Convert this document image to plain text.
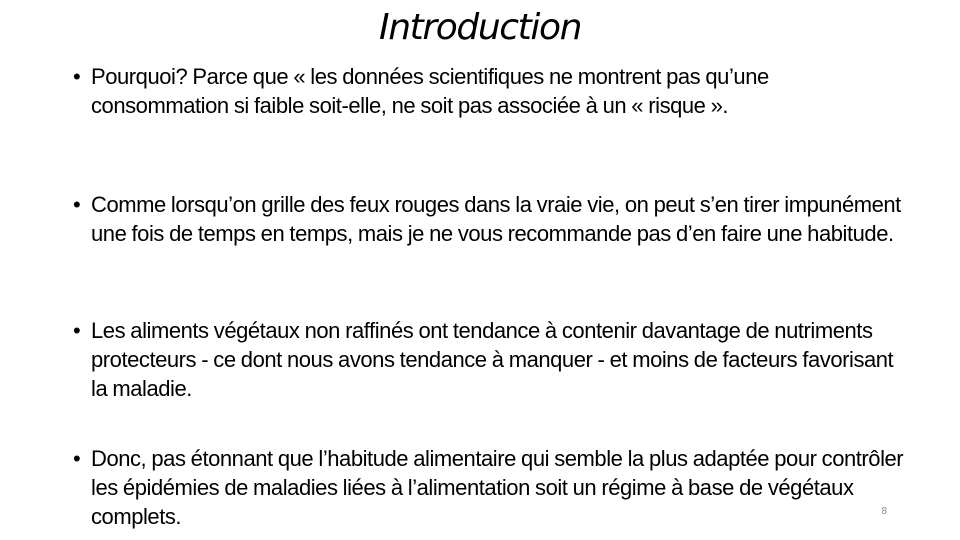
Introduction
• Pourquoi? Parce que « les données scientifiques ne montrent pas qu’une consommation si faible soit-elle, ne soit pas associée à un « risque ».
• Comme lorsqu’on grille des feux rouges dans la vraie vie, on peut s’en tirer impunément une fois de temps en temps, mais je ne vous recommande pas d’en faire une habitude.
• Les aliments végétaux non raffinés ont tendance à contenir davantage de nutriments protecteurs - ce dont nous avons tendance à manquer - et moins de facteurs favorisant la maladie.
• Donc, pas étonnant que l’habitude alimentaire qui semble la plus adaptée pour contrôler les épidémies de maladies liées à l’alimentation soit un régime à base de végétaux complets.	8
